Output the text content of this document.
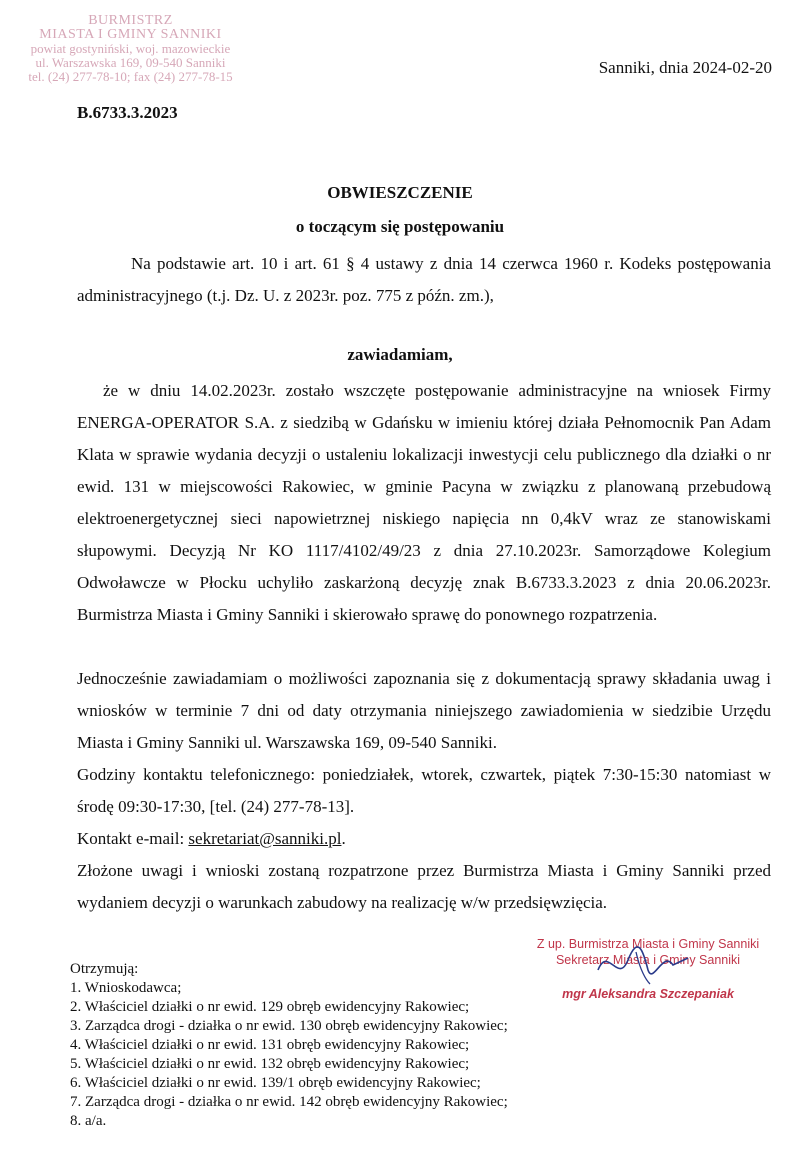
BURMISTRZ
MIASTA I GMINY SANNIKI
powiat gostyniński, woj. mazowieckie
ul. Warszawska 169, 09-540 Sanniki
tel. (24) 277-78-10; fax (24) 277-78-15
B.6733.3.2023
Sanniki, dnia 2024-02-20
OBWIESZCZENIE
o toczącym się postępowaniu
Na podstawie art. 10 i art. 61 § 4 ustawy z dnia 14 czerwca 1960 r. Kodeks postępowania administracyjnego (t.j. Dz. U. z 2023r. poz. 775 z późn. zm.),
zawiadamiam,
że w dniu 14.02.2023r. zostało wszczęte postępowanie administracyjne na wniosek Firmy ENERGA-OPERATOR S.A. z siedzibą w Gdańsku w imieniu której działa Pełnomocnik Pan Adam Klata w sprawie wydania decyzji o ustaleniu lokalizacji inwestycji celu publicznego dla działki o nr ewid. 131 w miejscowości Rakowiec, w gminie Pacyna w związku z planowaną przebudową elektroenergetycznej sieci napowietrznej niskiego napięcia nn 0,4kV wraz ze stanowiskami słupowymi. Decyzją Nr KO 1117/4102/49/23 z dnia 27.10.2023r. Samorządowe Kolegium Odwoławcze w Płocku uchyliło zaskarżoną decyzję znak B.6733.3.2023 z dnia 20.06.2023r. Burmistrza Miasta i Gminy Sanniki i skierowało sprawę do ponownego rozpatrzenia.
Jednocześnie zawiadamiam o możliwości zapoznania się z dokumentacją sprawy składania uwag i wniosków w terminie 7 dni od daty otrzymania niniejszego zawiadomienia w siedzibie Urzędu Miasta i Gminy Sanniki ul. Warszawska 169, 09-540 Sanniki.
Godziny kontaktu telefonicznego: poniedziałek, wtorek, czwartek, piątek 7:30-15:30 natomiast w środę 09:30-17:30, [tel. (24) 277-78-13].
Kontakt e-mail: sekretariat@sanniki.pl.
Złożone uwagi i wnioski zostaną rozpatrzone przez Burmistrza Miasta i Gminy Sanniki przed wydaniem decyzji o warunkach zabudowy na realizację w/w przedsięwzięcia.
Z up. Burmistrza Miasta i Gminy Sanniki
Sekretarz Miasta i Gminy Sanniki
mgr Aleksandra Szczepaniak
Otrzymują:
1. Wnioskodawca;
2. Właściciel działki o nr ewid. 129 obręb ewidencyjny Rakowiec;
3. Zarządca drogi - działka o nr ewid. 130 obręb ewidencyjny Rakowiec;
4. Właściciel działki o nr ewid. 131 obręb ewidencyjny Rakowiec;
5. Właściciel działki o nr ewid. 132 obręb ewidencyjny Rakowiec;
6. Właściciel działki o nr ewid. 139/1 obręb ewidencyjny Rakowiec;
7. Zarządca drogi - działka o nr ewid. 142 obręb ewidencyjny Rakowiec;
8. a/a.
